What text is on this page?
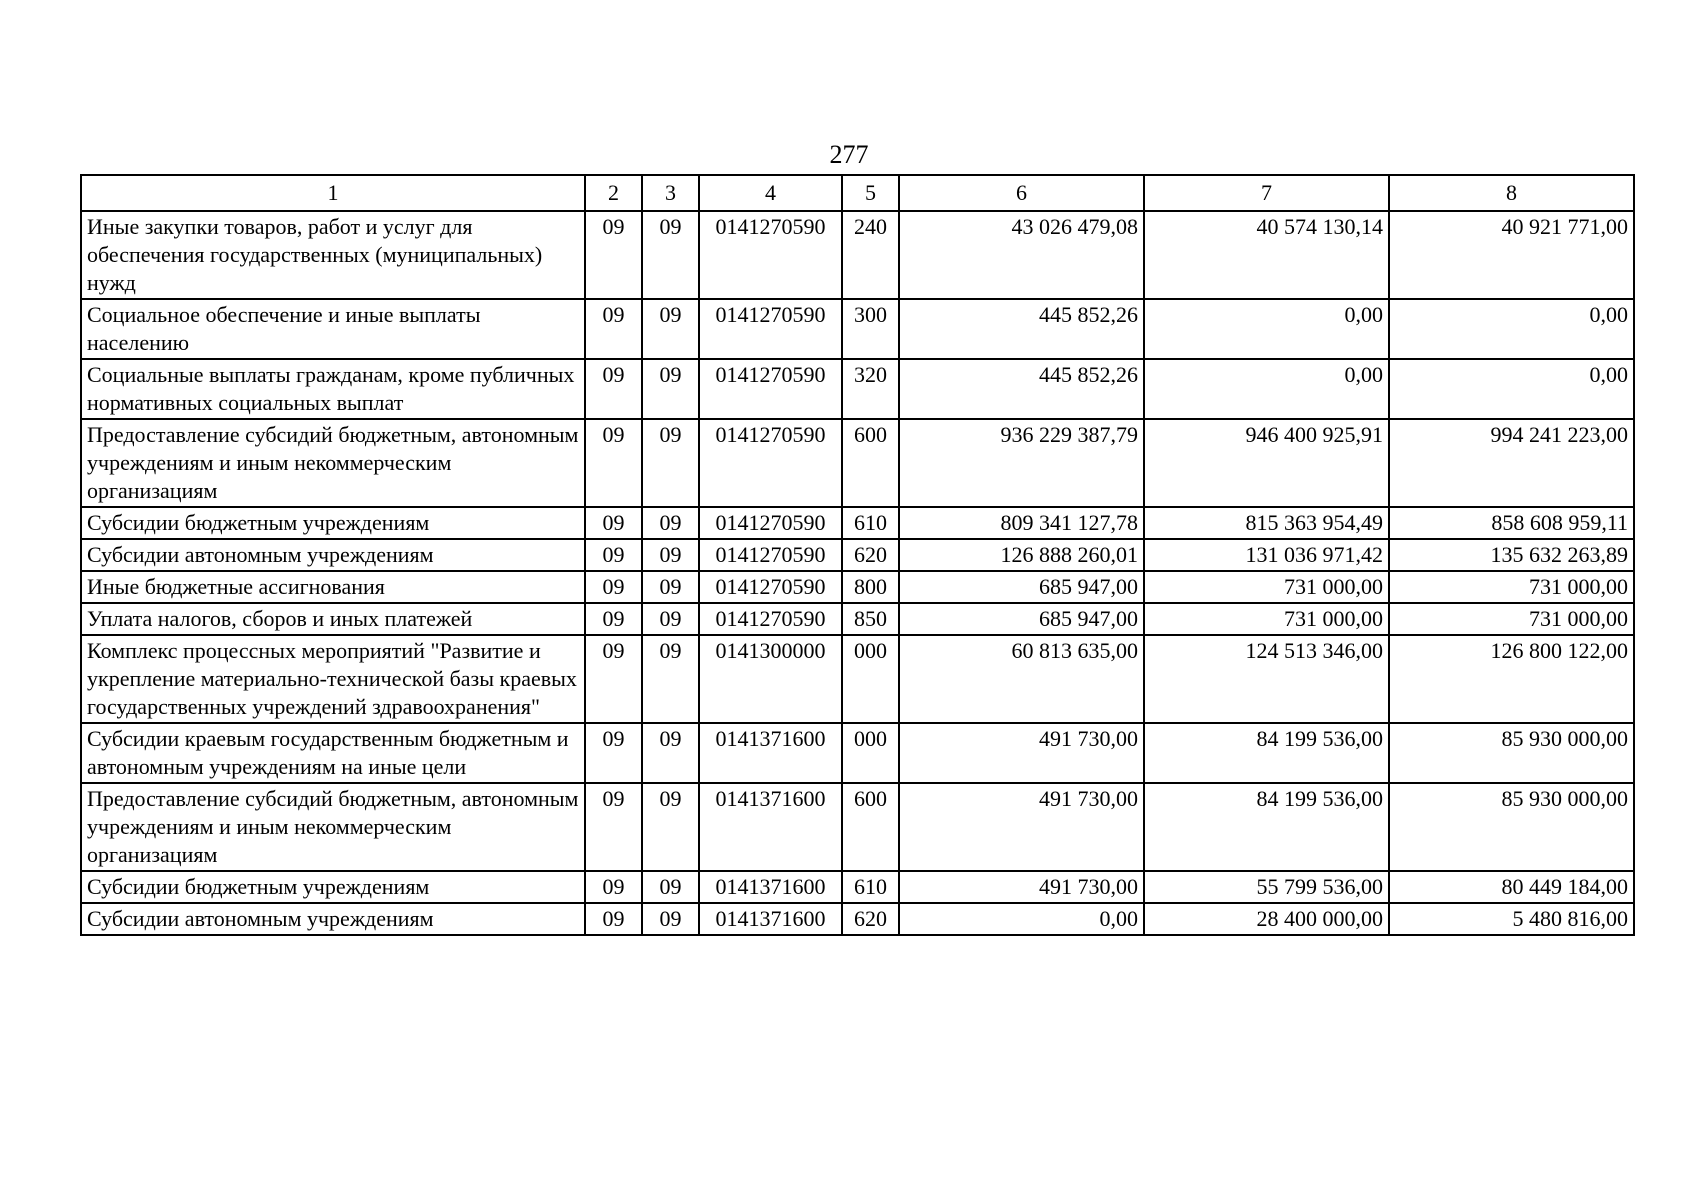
277
1	2	3	4	5	6	7	8
Иные закупки товаров, работ и услуг для обеспечения государственных (муниципальных) нужд	09	09	0141270590	240	43 026 479,08	40 574 130,14	40 921 771,00
Социальное обеспечение и иные выплаты населению	09	09	0141270590	300	445 852,26	0,00	0,00
Социальные выплаты гражданам, кроме публичных нормативных социальных выплат	09	09	0141270590	320	445 852,26	0,00	0,00
Предоставление субсидий бюджетным, автономным учреждениям и иным некоммерческим организациям	09	09	0141270590	600	936 229 387,79	946 400 925,91	994 241 223,00
Субсидии бюджетным учреждениям	09	09	0141270590	610	809 341 127,78	815 363 954,49	858 608 959,11
Субсидии автономным учреждениям	09	09	0141270590	620	126 888 260,01	131 036 971,42	135 632 263,89
Иные бюджетные ассигнования	09	09	0141270590	800	685 947,00	731 000,00	731 000,00
Уплата налогов, сборов и иных платежей	09	09	0141270590	850	685 947,00	731 000,00	731 000,00
Комплекс процессных мероприятий "Развитие и укрепление материально-технической базы краевых государственных учреждений здравоохранения"	09	09	0141300000	000	60 813 635,00	124 513 346,00	126 800 122,00
Субсидии краевым государственным бюджетным и автономным учреждениям на иные цели	09	09	0141371600	000	491 730,00	84 199 536,00	85 930 000,00
Предоставление субсидий бюджетным, автономным учреждениям и иным некоммерческим организациям	09	09	0141371600	600	491 730,00	84 199 536,00	85 930 000,00
Субсидии бюджетным учреждениям	09	09	0141371600	610	491 730,00	55 799 536,00	80 449 184,00
Субсидии автономным учреждениям	09	09	0141371600	620	0,00	28 400 000,00	5 480 816,00
